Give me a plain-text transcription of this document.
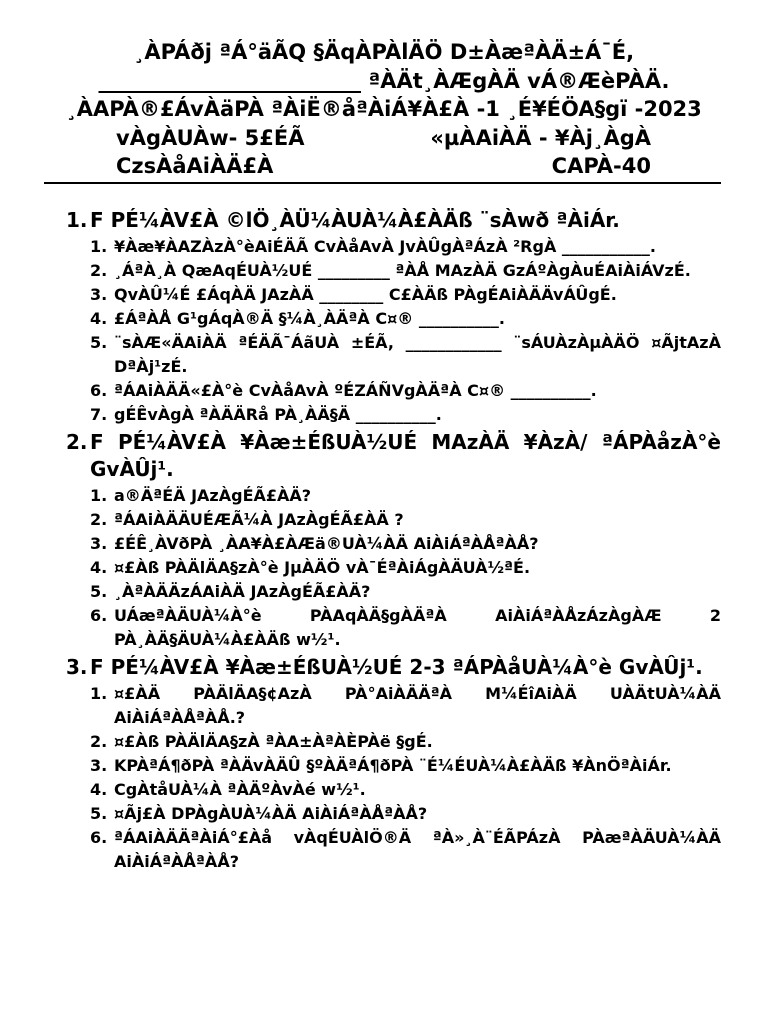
¸ÀPÁðj ªÁ°äÃQ §ÄqÀPÀlÄÖ D±ÀæªÀÄ±Á¯É,
_________________________ ªÀÄt¸ÀÆgÀÄ vÁ®ÆèPÀÄ.
¸ÀAPÀ®£ÁvÀäPÀ ªÀiË®åªÀiÁ¥À£À -1 ¸É¥ÉÖA§gï -2023
vÀgÀUÀw- 5£ÉÃ	«µÀAiÀÄ - ¥Àj¸ÀgÀ
CzsÀåAiÀÄ£À	CAPÀ-40
1. F PÉ¼ÀV£À ©lÖ¸ÀÜ¼ÀUÀ¼À£ÀÄß ¨sÀwð ªÀiÁr.
1. ¥Àæ¥ÀAZÀzÀ°èAiÉÄÃ CvÀåAvÀ JvÀÛgÀªÁzÀ ²RgÀ ___________.
2. ¸ÁªÀ¸À QæAqÉUÀ½UÉ _________ ªÀÅ MAzÀÄ GzÁºÀgÀuÉAiÀiÁVzÉ.
3. QvÀÛ¼É £ÁqÀÄ JAzÀÄ ________ C£ÀÄß PÀgÉAiÀÄÄvÁÛgÉ.
4. £ÁªÀÅ G¹gÁqÀ®Ä §¼À¸ÀÄªÀ C¤® __________.
5. ¨sÀÆ«ÄAiÀÄ ªÉÄÃ¯ÁãUÀ ±ÉÃ, ____________ ¨sÁUÀzÀµÀÄÖ ¤ÃjtAzÀ DªÀj¹zÉ.
6. ªÁAiÀÄÄ«£À°è CvÀåAvÀ ºÉZÁÑVgÀÄªÀ C¤® __________.
7. gÉÊvÀgÀ ªÀÄÄRå PÀ¸ÀÄ§Ä __________.
2. F PÉ¼ÀV£À ¥Àæ±ÉßUÀ½UÉ MAzÀÄ ¥ÀzÀ/ ªÁPÀåzÀ°è GvÀÛj¹.
1. a®ÄªÉÄ JAzÀgÉÃ£ÀÄ?
2. ªÁAiÀÄÄUÉÆÃ¼À JAzÀgÉÃ£ÀÄ ?
3. £ÉÊ¸ÀVðPÀ ¸ÀA¥À£ÀÆä®UÀ¼ÀÄ AiÀiÁªÀÅªÀÅ?
4. ¤£Àß PÀÄlÄA§zÀ°è JµÀÄÖ vÀ¯ÉªÀiÁgÀÄUÀ½ªÉ.
5. ¸ÀªÀÄÄzÁAiÀÄ JAzÀgÉÃ£ÀÄ?
6. UÁæªÀÄUÀ¼À°è PÀAqÀÄ§gÀÄªÀ AiÀiÁªÀÅzÁzÀgÀÆ 2 PÀ¸ÀÄ§ÄUÀ¼À£ÀÄß w½¹.
3. F PÉ¼ÀV£À ¥Àæ±ÉßUÀ½UÉ 2-3 ªÁPÀåUÀ¼À°è GvÀÛj¹.
1. ¤£ÀÄ PÀÄlÄA§¢AzÀ PÀ°AiÀÄÄªÀ M¼ÉîAiÀÄ UÀÄtUÀ¼ÀÄ AiÀiÁªÀÅªÀÅ.?
2. ¤£Àß PÀÄlÄA§zÀ ªÀA±ÀªÀÈPÀë §gÉ.
3. KPÀªÁ¶ðPÀ ªÀÄvÀÄÛ §ºÀÄªÁ¶ðPÀ ¨É¼ÉUÀ¼À£ÀÄß ¥ÀnÖªÀiÁr.
4. CgÀtåUÀ¼À ªÀÄºÀvÀé w½¹.
5. ¤Ãj£À DPÀgÀUÀ¼ÀÄ AiÀiÁªÀÅªÀÅ?
6. ªÁAiÀÄÄªÀiÁ°£Àå vÀqÉUÀlÖ®Ä ªÀ»¸À¨ÉÃPÁzÀ PÀæªÀÄUÀ¼ÀÄ AiÀiÁªÀÅªÀÅ?
